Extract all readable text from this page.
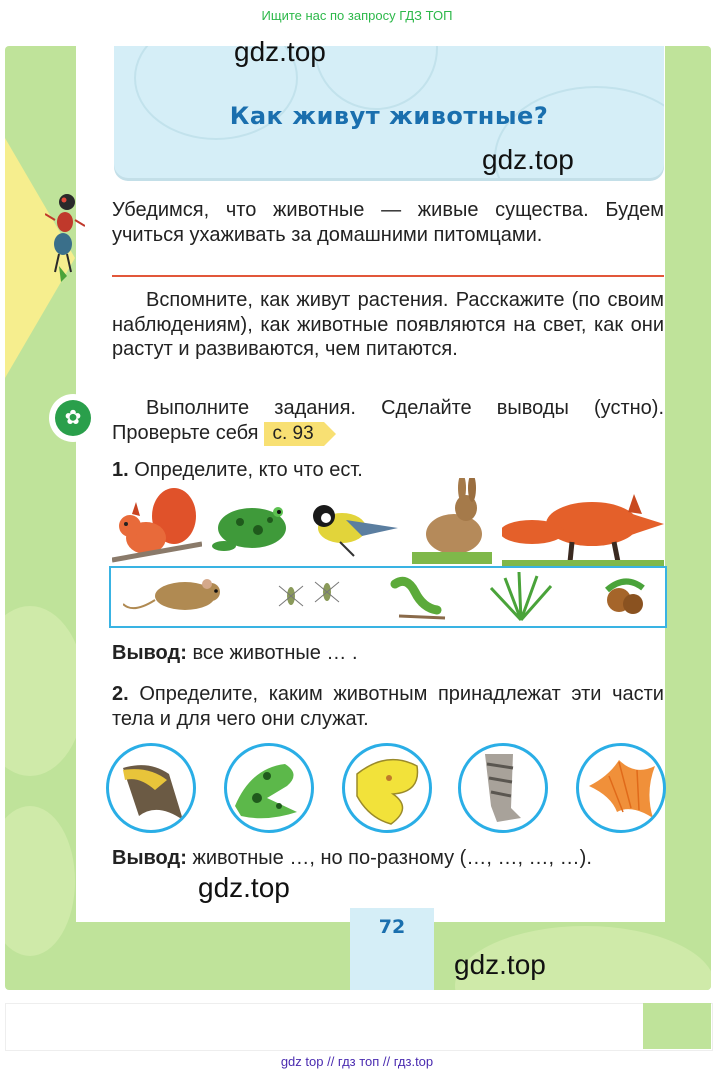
Ищите нас по запросу ГДЗ ТОП
Как живут животные?
Убедимся, что животные — живые существа. Будем учиться ухаживать за домашними питомцами.
Вспомните, как живут растения. Расскажите (по своим наблюдениям), как животные появляются на свет, как они растут и развиваются, чем питаются.
Выполните задания. Сделайте выводы (устно). Проверьте себя с. 93
1. Определите, кто что ест.
Вывод: все животные … .
2. Определите, каким животным принадлежат эти части тела и для чего они служат.
Вывод: животные …, но по-разному (…, …, …, …).
✿
72
gdz.top
gdz.top
gdz.top
gdz.top
gdz top // гдз топ // гдз.top
